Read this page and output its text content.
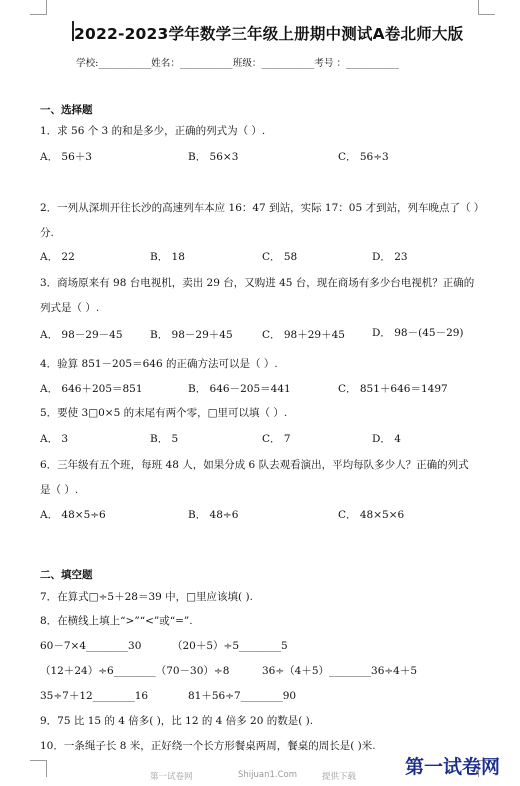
2022-2023学年数学三年级上册期中测试A卷北师大版
学校:___________姓名：___________班级：___________考号 ：___________
一、选择题
1．求 56 个 3 的和是多少，正确的列式为（ ）.
A． 56＋3	B． 56×3	C． 56÷3
2．一列从深圳开往长沙的高速列车本应 16：47 到站，实际 17：05 才到站，列车晚点了（ ）
分.
A． 22	B． 18	C． 58	D． 23
3．商场原来有 98 台电视机，卖出 29 台，又购进 45 台，现在商场有多少台电视机？正确的
列式是（ ）.
A． 98－29－45	B． 98－29＋45	C． 98＋29＋45	D． 98－(45－29)
4．验算 851－205＝646 的正确方法可以是（ ）.
A． 646＋205＝851	B． 646－205＝441	C． 851＋646＝1497
5．要使 3□0×5 的末尾有两个零，□里可以填（ ）.
A． 3	B． 5	C． 7	D． 4
6．三年级有五个班，每班 48 人，如果分成 6 队去观看演出，平均每队多少人？正确的列式
是（ ）.
A． 48×5÷6	B． 48÷6	C． 48×5×6
二、填空题
7．在算式□÷5＋28＝39 中，□里应该填( ).
8．在横线上填上“>”“<”或“=”.
60－7×4________30	（20＋5）÷5________5
（12＋24）÷6________（70－30）÷8	36÷（4＋5）________36÷4＋5
35÷7＋12________16	81＋56÷7________90
9．75 比 15 的 4 倍多( )，比 12 的 4 倍多 20 的数是( ).
10．一条绳子长 8 米，正好绕一个长方形餐桌两周，餐桌的周长是( )米.
第一试卷网	Shijuan1.Com	提供下载	第一试卷网
